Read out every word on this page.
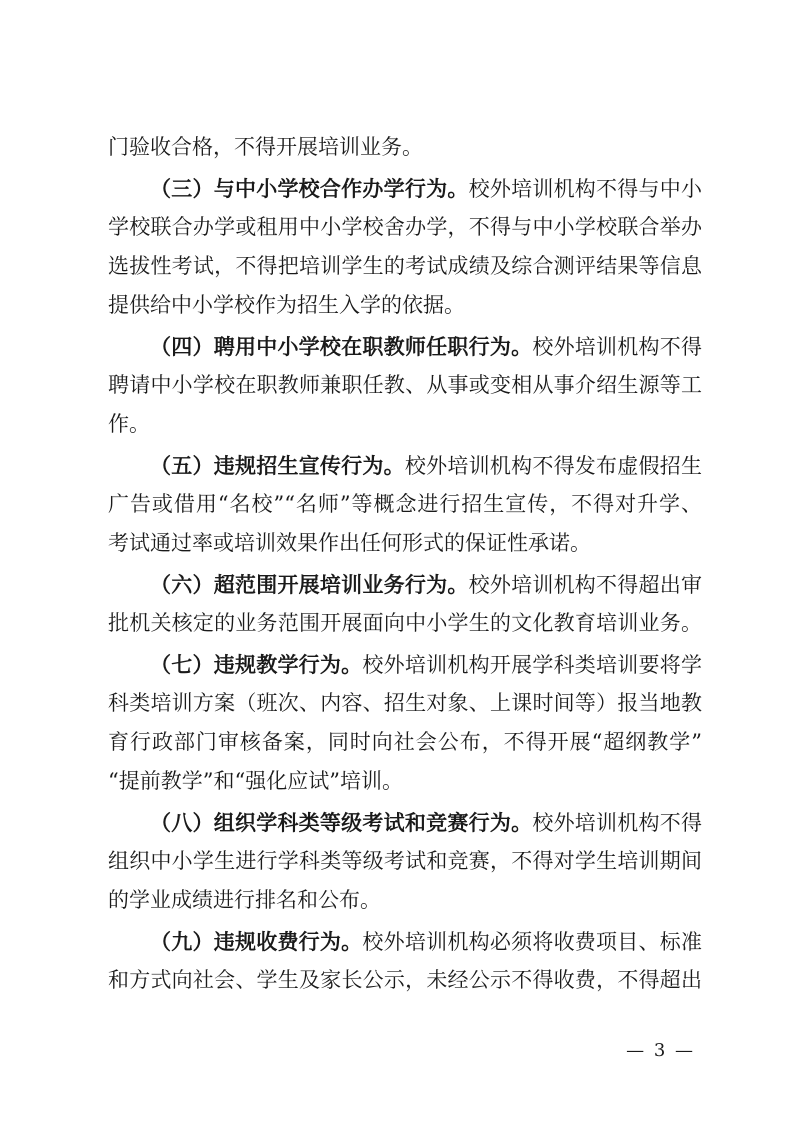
门验收合格，不得开展培训业务。
（三）与中小学校合作办学行为。校外培训机构不得与中小
学校联合办学或租用中小学校舍办学，不得与中小学校联合举办
选拔性考试，不得把培训学生的考试成绩及综合测评结果等信息
提供给中小学校作为招生入学的依据。
（四）聘用中小学校在职教师任职行为。校外培训机构不得
聘请中小学校在职教师兼职任教、从事或变相从事介绍生源等工
作。
（五）违规招生宣传行为。校外培训机构不得发布虚假招生
广告或借用“名校”“名师”等概念进行招生宣传，不得对升学、
考试通过率或培训效果作出任何形式的保证性承诺。
（六）超范围开展培训业务行为。校外培训机构不得超出审
批机关核定的业务范围开展面向中小学生的文化教育培训业务。
（七）违规教学行为。校外培训机构开展学科类培训要将学
科类培训方案（班次、内容、招生对象、上课时间等）报当地教
育行政部门审核备案，同时向社会公布，不得开展“超纲教学”
“提前教学”和“强化应试”培训。
（八）组织学科类等级考试和竞赛行为。校外培训机构不得
组织中小学生进行学科类等级考试和竞赛，不得对学生培训期间
的学业成绩进行排名和公布。
（九）违规收费行为。校外培训机构必须将收费项目、标准
和方式向社会、学生及家长公示，未经公示不得收费，不得超出
— 3 —
